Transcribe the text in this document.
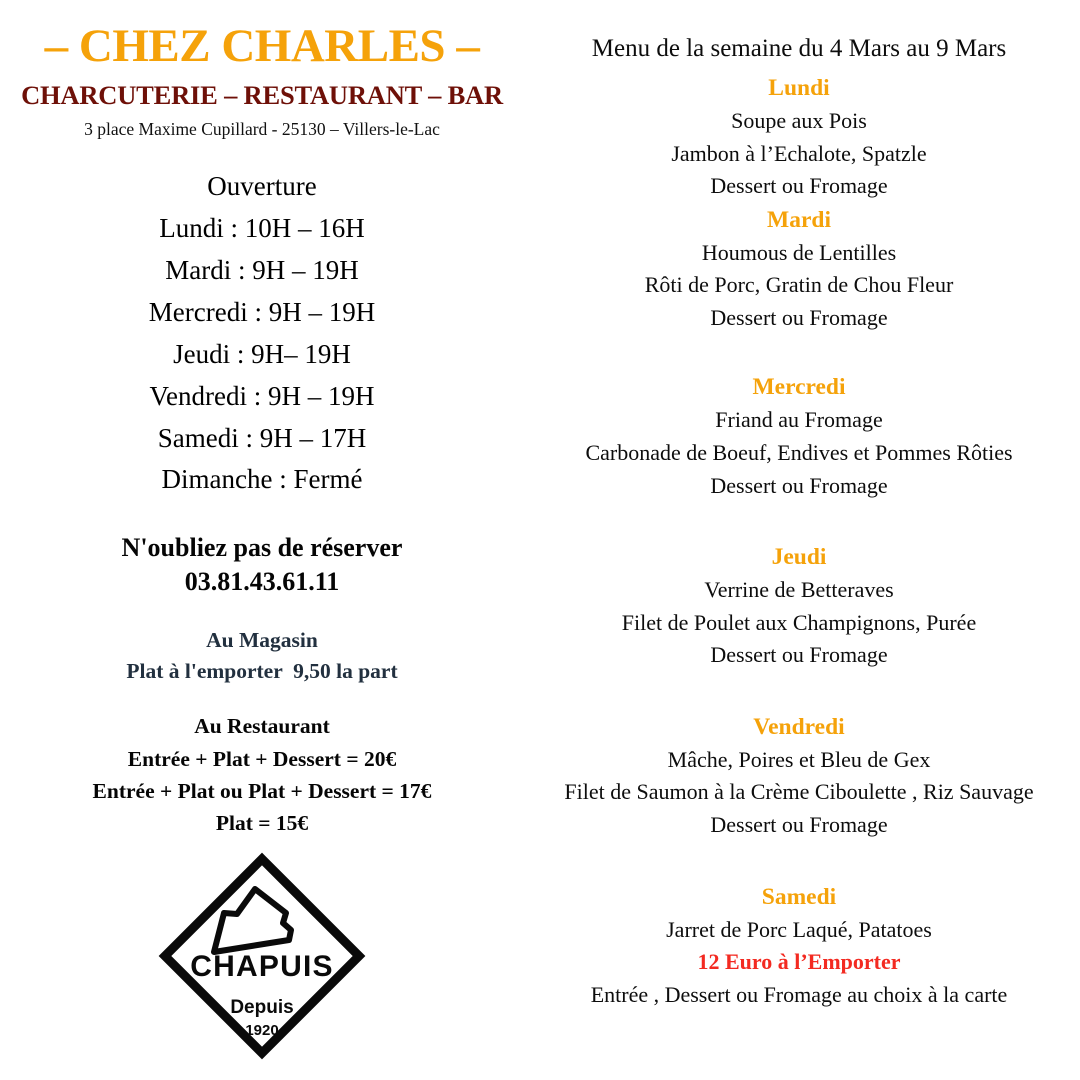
– CHEZ CHARLES –
CHARCUTERIE – RESTAURANT – BAR
3 place Maxime Cupillard - 25130 – Villers-le-Lac
Ouverture
Lundi : 10H – 16H
Mardi : 9H – 19H
Mercredi : 9H – 19H
Jeudi : 9H– 19H
Vendredi : 9H – 19H
Samedi : 9H – 17H
Dimanche : Fermé
N'oubliez pas de réserver
03.81.43.61.11
Au Magasin
Plat à l'emporter  9,50 la part
Au Restaurant
Entrée + Plat + Dessert = 20€
Entrée + Plat ou Plat + Dessert = 17€
Plat = 15€
CHAPUIS
Depuis
1920
Menu de la semaine du 4 Mars au 9 Mars
Lundi
Soupe aux Pois
Jambon à l’Echalote, Spatzle
Dessert ou Fromage
Mardi
Houmous de Lentilles
Rôti de Porc, Gratin de Chou Fleur
Dessert ou Fromage
Mercredi
Friand au Fromage
Carbonade de Boeuf, Endives et Pommes Rôties
Dessert ou Fromage
Jeudi
Verrine de Betteraves
Filet de Poulet aux Champignons, Purée
Dessert ou Fromage
Vendredi
Mâche, Poires et Bleu de Gex
Filet de Saumon à la Crème Ciboulette , Riz Sauvage
Dessert ou Fromage
Samedi
Jarret de Porc Laqué, Patatoes
12 Euro à l’Emporter
Entrée , Dessert ou Fromage au choix à la carte
